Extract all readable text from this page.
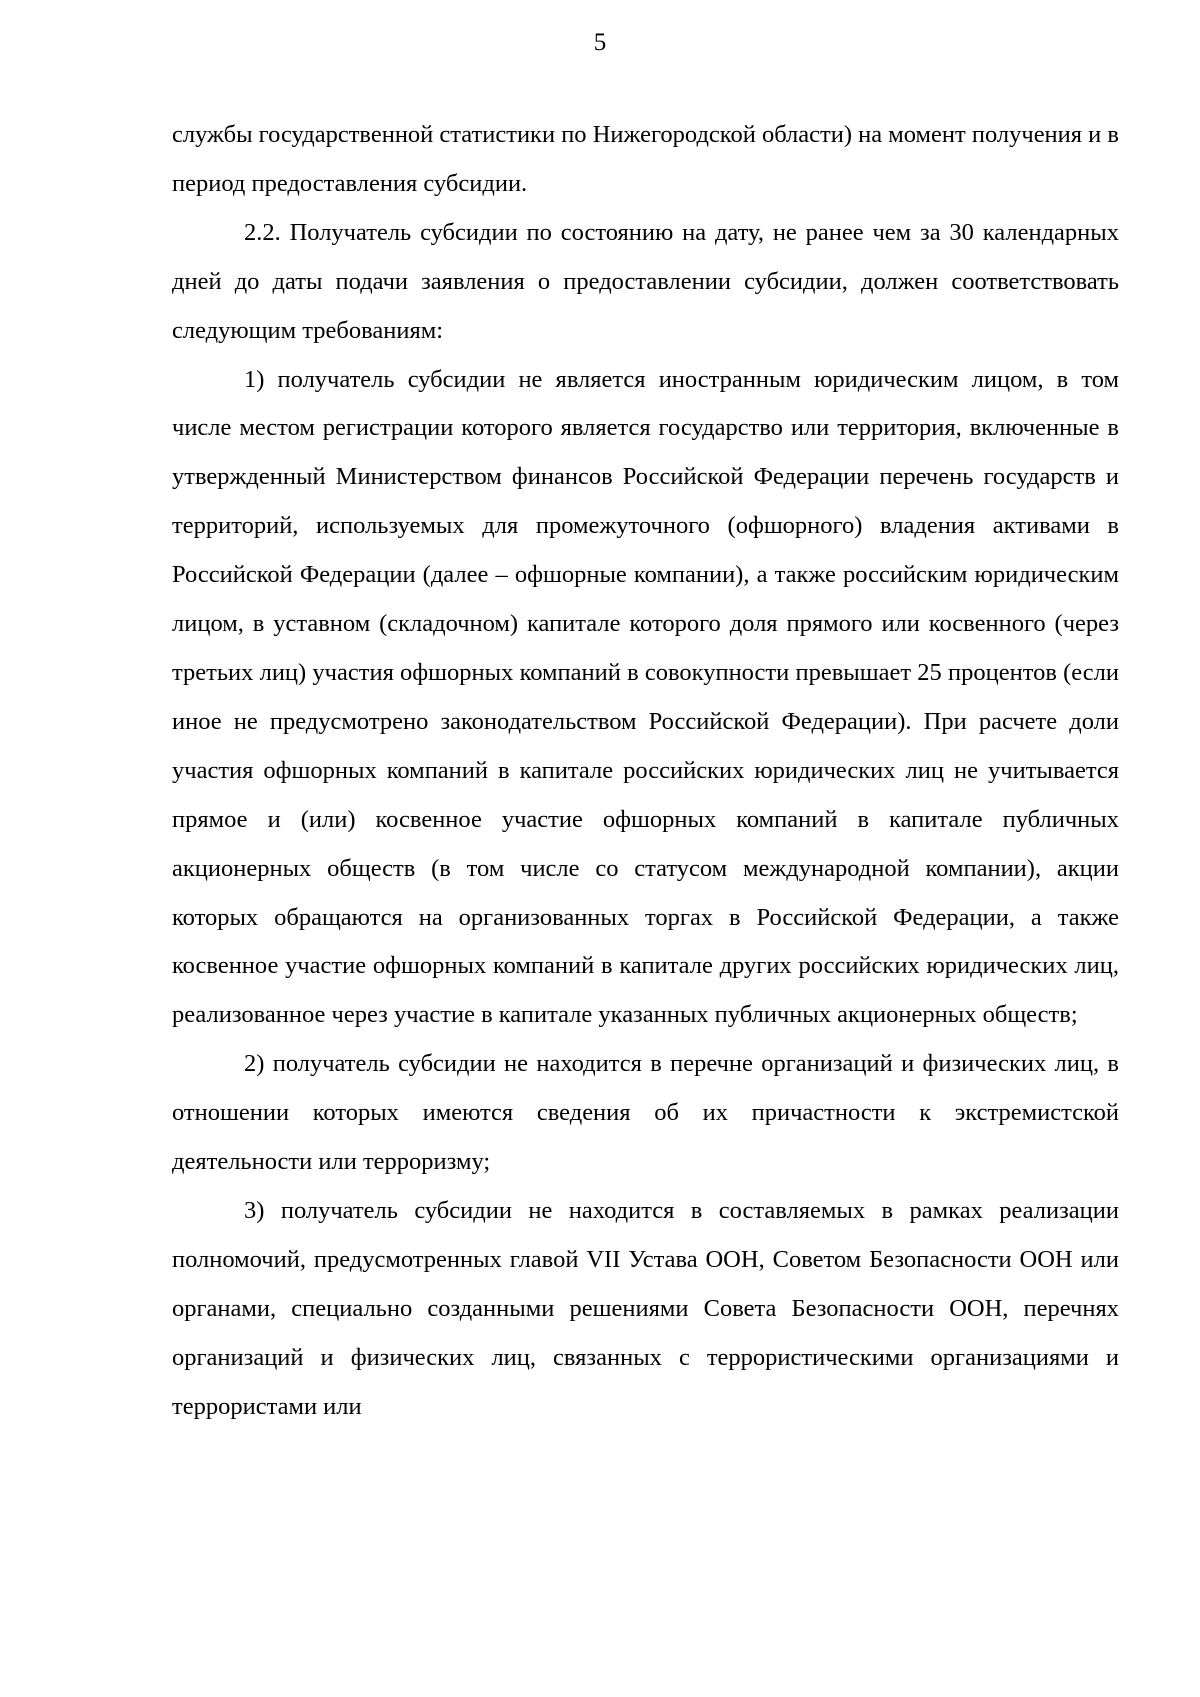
5

службы государственной статистики по Нижегородской области) на момент получения и в период предоставления субсидии.

2.2. Получатель субсидии по состоянию на дату, не ранее чем за 30 календарных дней до даты подачи заявления о предоставлении субсидии, должен соответствовать следующим требованиям:

1) получатель субсидии не является иностранным юридическим лицом, в том числе местом регистрации которого является государство или территория, включенные в утвержденный Министерством финансов Российской Федерации перечень государств и территорий, используемых для промежуточного (офшорного) владения активами в Российской Федерации (далее – офшорные компании), а также российским юридическим лицом, в уставном (складочном) капитале которого доля прямого или косвенного (через третьих лиц) участия офшорных компаний в совокупности превышает 25 процентов (если иное не предусмотрено законодательством Российской Федерации). При расчете доли участия офшорных компаний в капитале российских юридических лиц не учитывается прямое и (или) косвенное участие офшорных компаний в капитале публичных акционерных обществ (в том числе со статусом международной компании), акции которых обращаются на организованных торгах в Российской Федерации, а также косвенное участие офшорных компаний в капитале других российских юридических лиц, реализованное через участие в капитале указанных публичных акционерных обществ;

2) получатель субсидии не находится в перечне организаций и физических лиц, в отношении которых имеются сведения об их причастности к экстремистской деятельности или терроризму;

3) получатель субсидии не находится в составляемых в рамках реализации полномочий, предусмотренных главой VII Устава ООН, Советом Безопасности ООН или органами, специально созданными решениями Совета Безопасности ООН, перечнях организаций и физических лиц, связанных с террористическими организациями и террористами или
